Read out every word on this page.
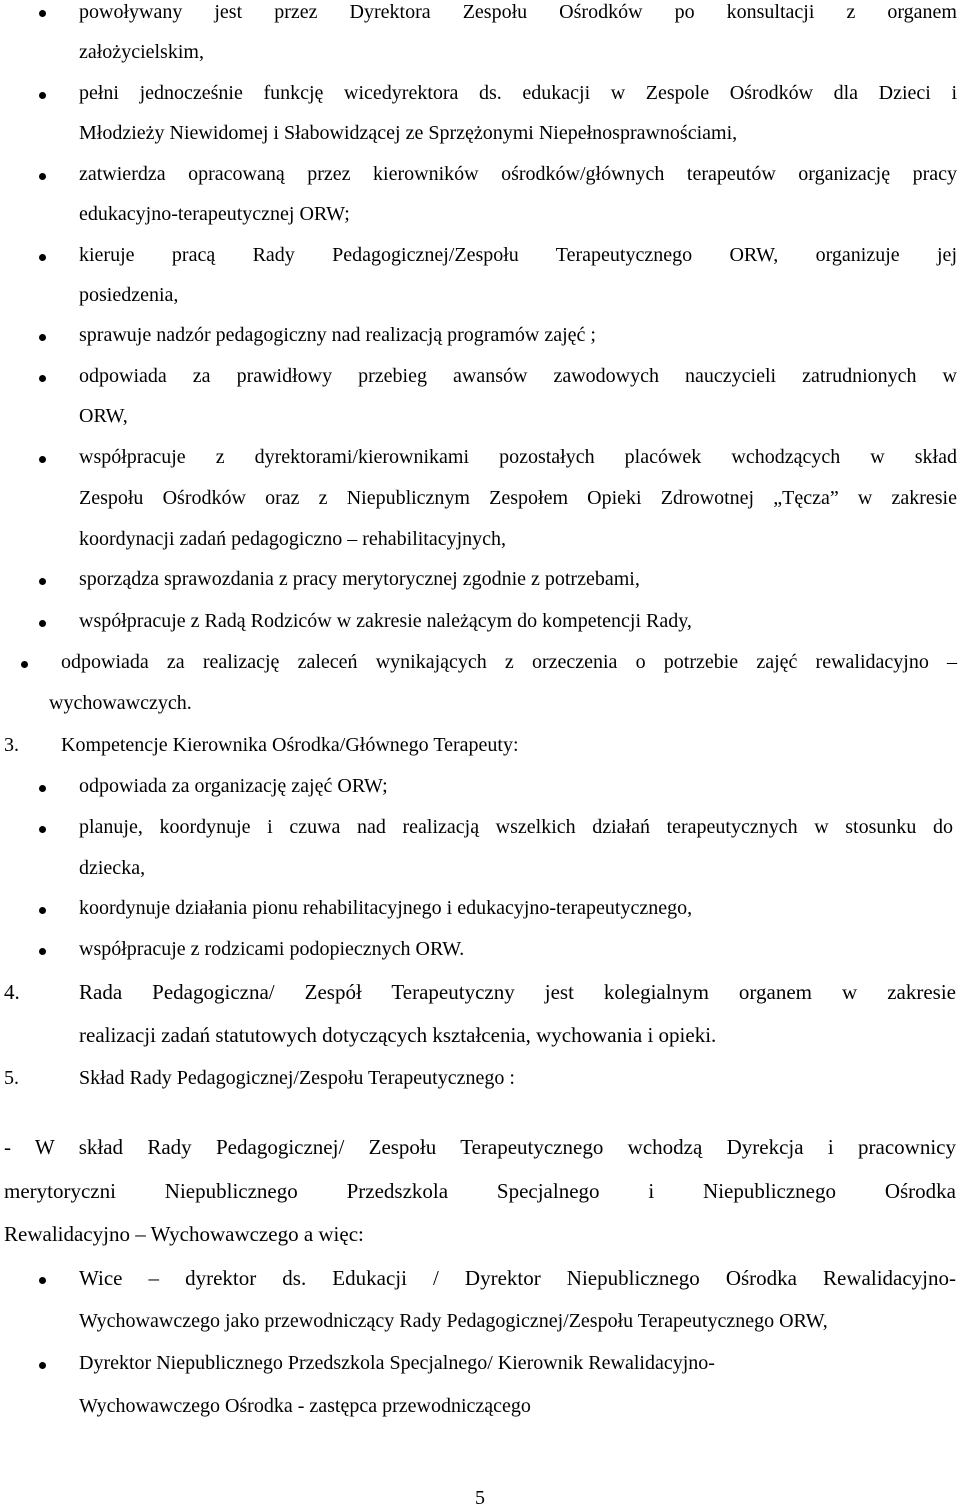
powoływany jest przez Dyrektora Zespołu Ośrodków po konsultacji z organem
założycielskim,
pełni jednocześnie funkcję wicedyrektora ds. edukacji w Zespole Ośrodków dla Dzieci i
Młodzieży Niewidomej i Słabowidzącej ze Sprzężonymi Niepełnosprawnościami,
zatwierdza opracowaną przez kierowników ośrodków/głównych terapeutów organizację pracy
edukacyjno-terapeutycznej ORW;
kieruje pracą Rady Pedagogicznej/Zespołu Terapeutycznego ORW, organizuje jej
posiedzenia,
sprawuje nadzór pedagogiczny nad realizacją programów zajęć ;
odpowiada za prawidłowy przebieg awansów zawodowych nauczycieli zatrudnionych w
ORW,
współpracuje z dyrektorami/kierownikami pozostałych placówek wchodzących w skład
Zespołu Ośrodków oraz z Niepublicznym Zespołem Opieki Zdrowotnej „Tęcza” w zakresie
koordynacji zadań pedagogiczno – rehabilitacyjnych,
sporządza sprawozdania z pracy merytorycznej zgodnie z potrzebami,
współpracuje z Radą Rodziców w zakresie należącym do kompetencji Rady,
odpowiada za realizację zaleceń wynikających z orzeczenia o potrzebie zajęć rewalidacyjno –
wychowawczych.
3. Kompetencje Kierownika Ośrodka/Głównego Terapeuty:
odpowiada za organizację zajęć ORW;
planuje, koordynuje i czuwa nad realizacją wszelkich działań terapeutycznych w stosunku do
dziecka,
koordynuje działania pionu rehabilitacyjnego i edukacyjno-terapeutycznego,
współpracuje z rodzicami podopiecznych ORW.
4.	Rada Pedagogiczna/ Zespół Terapeutyczny jest kolegialnym organem w zakresie
realizacji zadań statutowych dotyczących kształcenia, wychowania i opieki.
5.	Skład Rady Pedagogicznej/Zespołu Terapeutycznego :
- W skład Rady Pedagogicznej/ Zespołu Terapeutycznego wchodzą Dyrekcja i pracownicy
merytoryczni Niepublicznego Przedszkola Specjalnego i Niepublicznego Ośrodka
Rewalidacyjno – Wychowawczego a więc:
Wice – dyrektor ds. Edukacji / Dyrektor Niepublicznego Ośrodka Rewalidacyjno-
Wychowawczego jako przewodniczący Rady Pedagogicznej/Zespołu Terapeutycznego ORW,
Dyrektor Niepublicznego Przedszkola Specjalnego/ Kierownik Rewalidacyjno-
Wychowawczego Ośrodka - zastępca przewodniczącego
5
